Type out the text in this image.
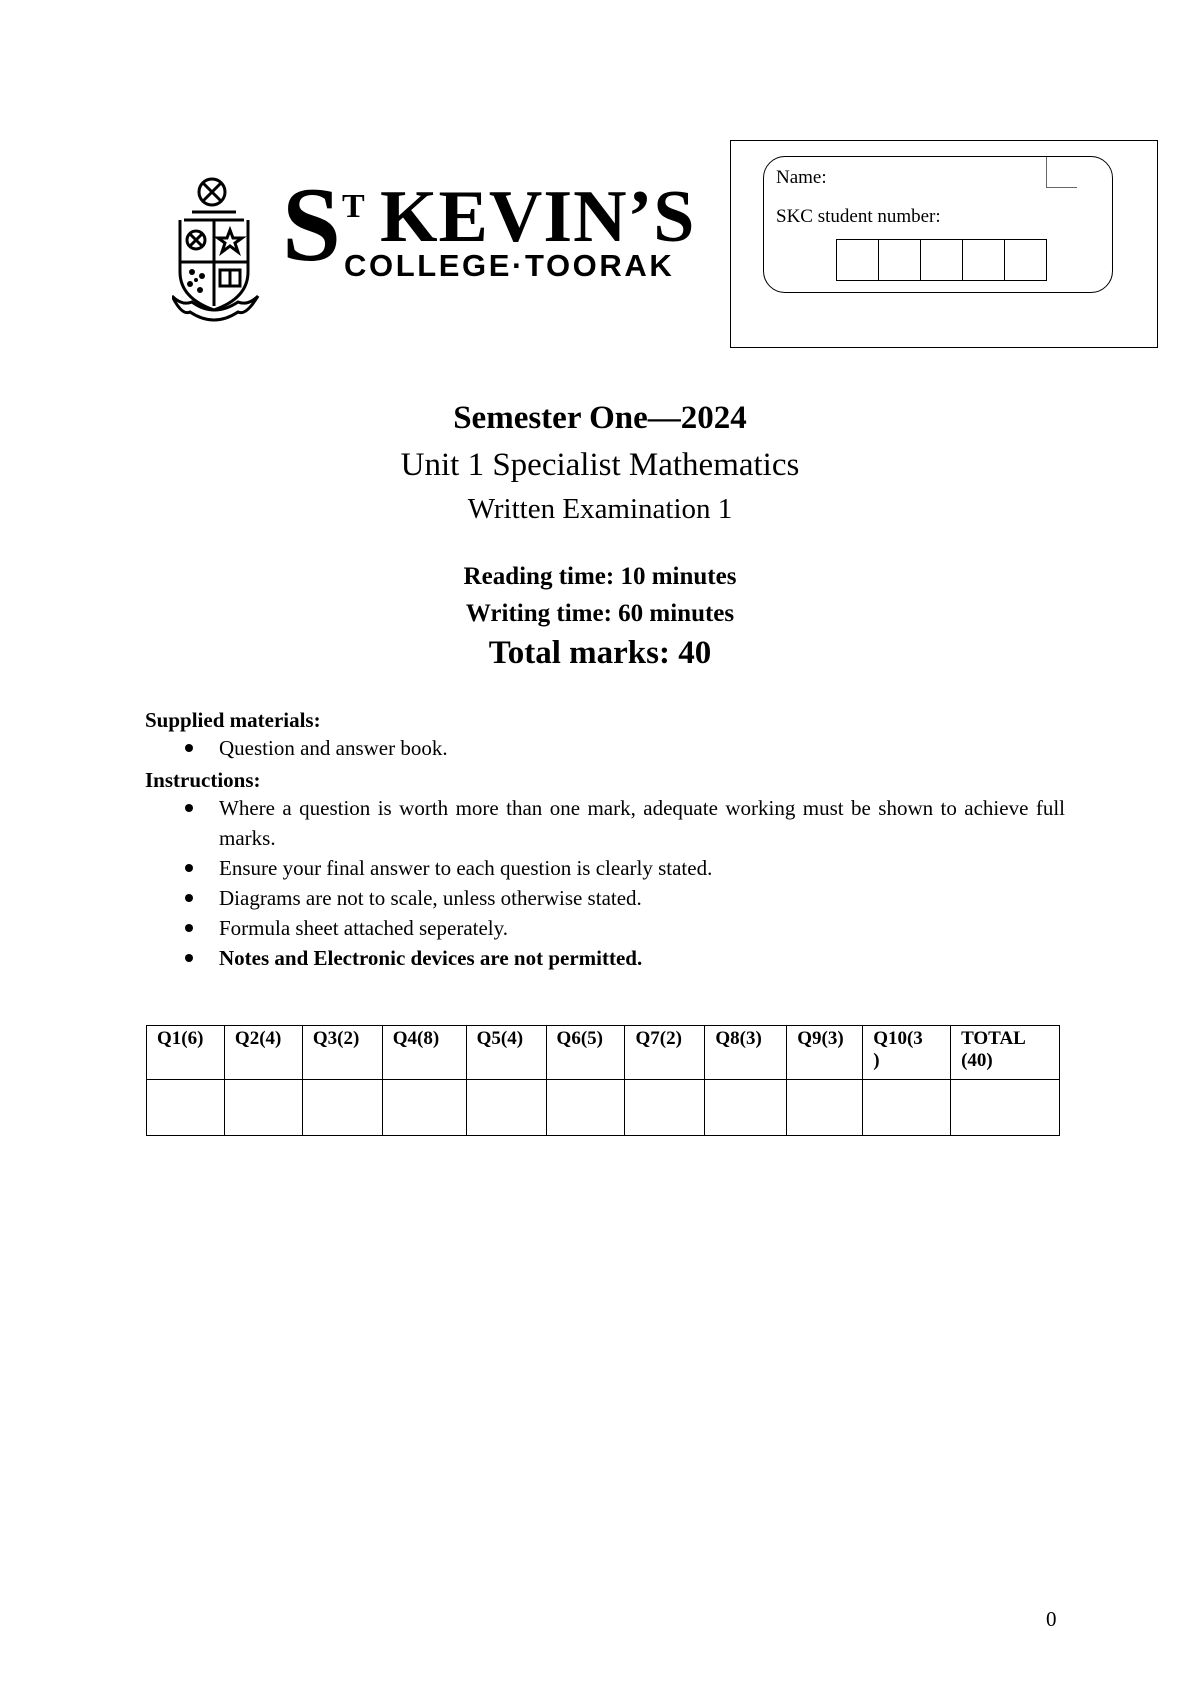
S T KEVIN’S
COLLEGE·TOORAK
Name:
SKC student number:
Semester One—2024
Unit 1 Specialist Mathematics
Written Examination 1
Reading time: 10 minutes
Writing time: 60 minutes
Total marks: 40
Supplied materials:
Question and answer book.
Instructions:
Where a question is worth more than one mark, adequate working must be shown to achieve full marks.
Ensure your final answer to each question is clearly stated.
Diagrams are not to scale, unless otherwise stated.
Formula sheet attached seperately.
Notes and Electronic devices are not permitted.
Q1(6)	Q2(4)	Q3(2)	Q4(8)	Q5(4)	Q6(5)	Q7(2)	Q8(3)	Q9(3)	Q10(3
)	TOTAL (40)

0
